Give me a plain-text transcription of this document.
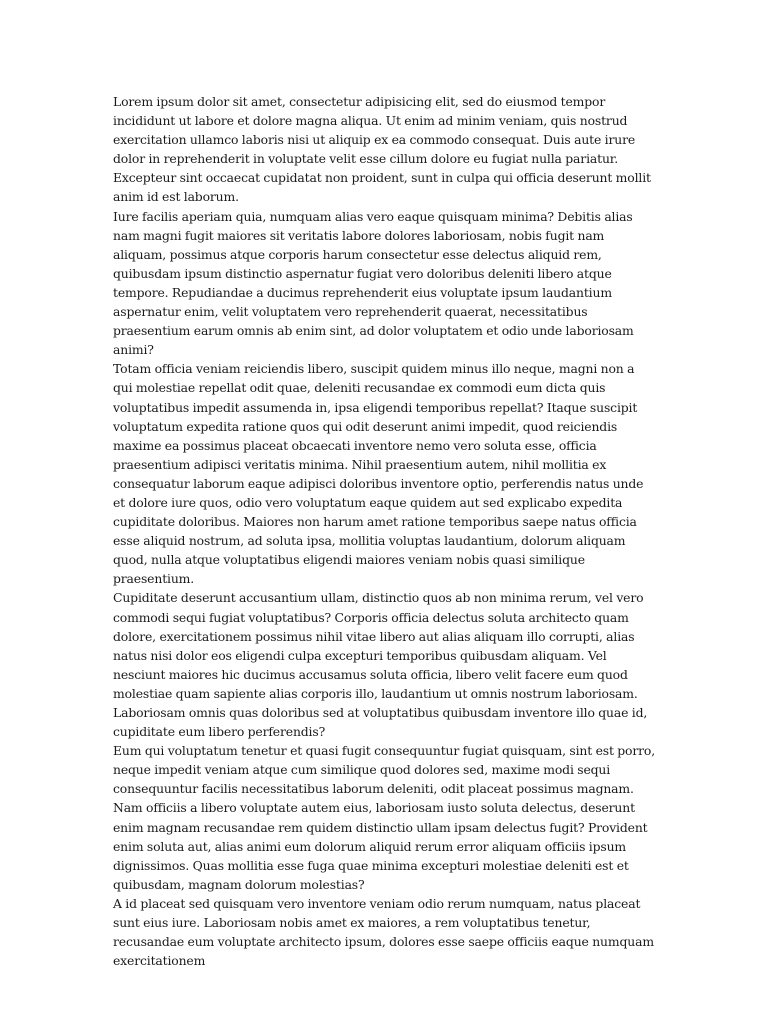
Lorem ipsum dolor sit amet, consectetur adipisicing elit, sed do eiusmod tempor incididunt ut labore et dolore magna aliqua. Ut enim ad minim veniam, quis nostrud exercitation ullamco laboris nisi ut aliquip ex ea commodo consequat. Duis aute irure dolor in reprehenderit in voluptate velit esse cillum dolore eu fugiat nulla pariatur. Excepteur sint occaecat cupidatat non proident, sunt in culpa qui officia deserunt mollit anim id est laborum.

Iure facilis aperiam quia, numquam alias vero eaque quisquam minima? Debitis alias nam magni fugit maiores sit veritatis labore dolores laboriosam, nobis fugit nam aliquam, possimus atque corporis harum consectetur esse delectus aliquid rem, quibusdam ipsum distinctio aspernatur fugiat vero doloribus deleniti libero atque tempore. Repudiandae a ducimus reprehenderit eius voluptate ipsum laudantium aspernatur enim, velit voluptatem vero reprehenderit quaerat, necessitatibus praesentium earum omnis ab enim sint, ad dolor voluptatem et odio unde laboriosam animi?

Totam officia veniam reiciendis libero, suscipit quidem minus illo neque, magni non a qui molestiae repellat odit quae, deleniti recusandae ex commodi eum dicta quis voluptatibus impedit assumenda in, ipsa eligendi temporibus repellat? Itaque suscipit voluptatum expedita ratione quos qui odit deserunt animi impedit, quod reiciendis maxime ea possimus placeat obcaecati inventore nemo vero soluta esse, officia praesentium adipisci veritatis minima. Nihil praesentium autem, nihil mollitia ex consequatur laborum eaque adipisci doloribus inventore optio, perferendis natus unde et dolore iure quos, odio vero voluptatum eaque quidem aut sed explicabo expedita cupiditate doloribus. Maiores non harum amet ratione temporibus saepe natus officia esse aliquid nostrum, ad soluta ipsa, mollitia voluptas laudantium, dolorum aliquam quod, nulla atque voluptatibus eligendi maiores veniam nobis quasi similique praesentium.

Cupiditate deserunt accusantium ullam, distinctio quos ab non minima rerum, vel vero commodi sequi fugiat voluptatibus? Corporis officia delectus soluta architecto quam dolore, exercitationem possimus nihil vitae libero aut alias aliquam illo corrupti, alias natus nisi dolor eos eligendi culpa excepturi temporibus quibusdam aliquam. Vel nesciunt maiores hic ducimus accusamus soluta officia, libero velit facere eum quod molestiae quam sapiente alias corporis illo, laudantium ut omnis nostrum laboriosam. Laboriosam omnis quas doloribus sed at voluptatibus quibusdam inventore illo quae id, cupiditate eum libero perferendis?

Eum qui voluptatum tenetur et quasi fugit consequuntur fugiat quisquam, sint est porro, neque impedit veniam atque cum similique quod dolores sed, maxime modi sequi consequuntur facilis necessitatibus laborum deleniti, odit placeat possimus magnam. Nam officiis a libero voluptate autem eius, laboriosam iusto soluta delectus, deserunt enim magnam recusandae rem quidem distinctio ullam ipsam delectus fugit? Provident enim soluta aut, alias animi eum dolorum aliquid rerum error aliquam officiis ipsum dignissimos. Quas mollitia esse fuga quae minima excepturi molestiae deleniti est et quibusdam, magnam dolorum molestias?

A id placeat sed quisquam vero inventore veniam odio rerum numquam, natus placeat sunt eius iure. Laboriosam nobis amet ex maiores, a rem voluptatibus tenetur, recusandae eum voluptate architecto ipsum, dolores esse saepe officiis eaque numquam exercitationem
